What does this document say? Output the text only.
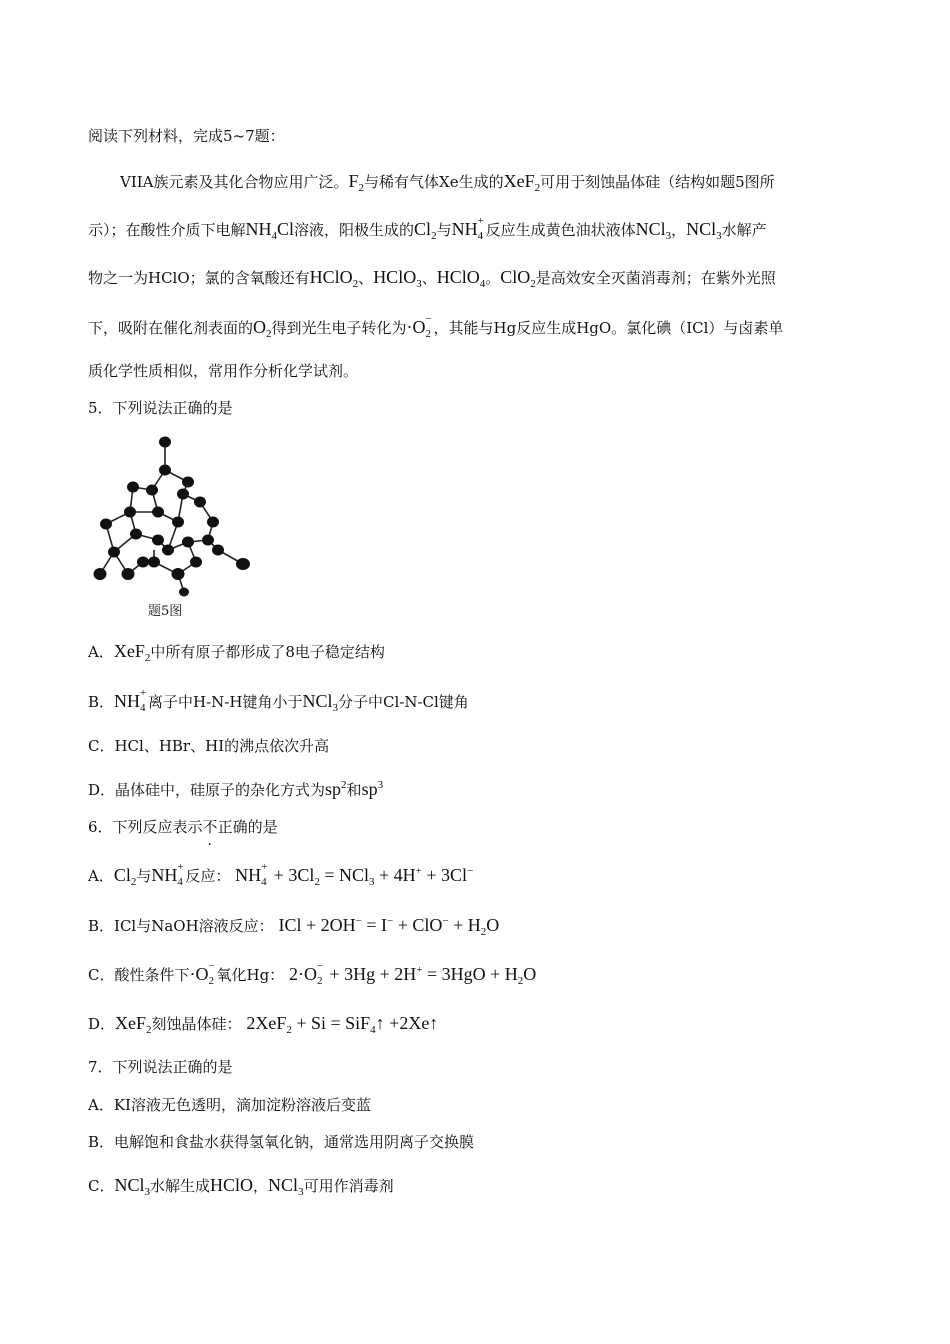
阅读下列材料，完成5~7题：
VIIA族元素及其化合物应用广泛。$F_2$与稀有气体Xe生成的XeF$_2$可用于刻蚀晶体硅（结构如题5图所
示）；在酸性介质下电解$NH_4Cl$溶液，阳极生成的$Cl_2$与NH +
4 反应生成黄色油状液体NCl$_3$，NCl$_3$水解产
物之一为HClO；氯的含氧酸还有HClO$_2$、HClO$_3$、HClO$_4$。ClO$_2$是高效安全灭菌消毒剂；在紫外光照
下，吸附在催化剂表面的$O_2$得到光生电子转化为·O −
2 ，其能与Hg反应生成HgO。氯化碘（ICl）与卤素单
质化学性质相似，常用作分析化学试剂。
5．下列说法正确的是
题5图
A．XeF$_2$中所有原子都形成了8电子稳定结构
B．NH +
4 离子中H-N-H键角小于NCl$_3$分子中Cl-N-Cl键角
C．HCl、HBr、HI的沸点依次升高
D．晶体硅中，硅原子的杂化方式为$sp^2$和$sp^3$
6．下列反应表示不正确的是
A．$Cl_2$与NH +
4 反应： NH +
$4 + 3Cl_2 = NCl_3 + 4H^+ + 3Cl^-$
B．ICl与NaOH溶液反应： ICl + $2OH^- = I^- + ClO^- + H_2O$
C．酸性条件下·O −
2 氧化Hg： 2·O −
$2 + 3Hg + 2H^+ = 3HgO + H_2O$
D．XeF$_2$刻蚀晶体硅： 2XeF$_2$ + Si = SiF$_4$↑ +2Xe↑
7．下列说法正确的是
A．KI溶液无色透明，滴加淀粉溶液后变蓝
B．电解饱和食盐水获得氢氧化钠，通常选用阴离子交换膜
C．NCl$_3$水解生成HClO，NCl$_3$可用作消毒剂
